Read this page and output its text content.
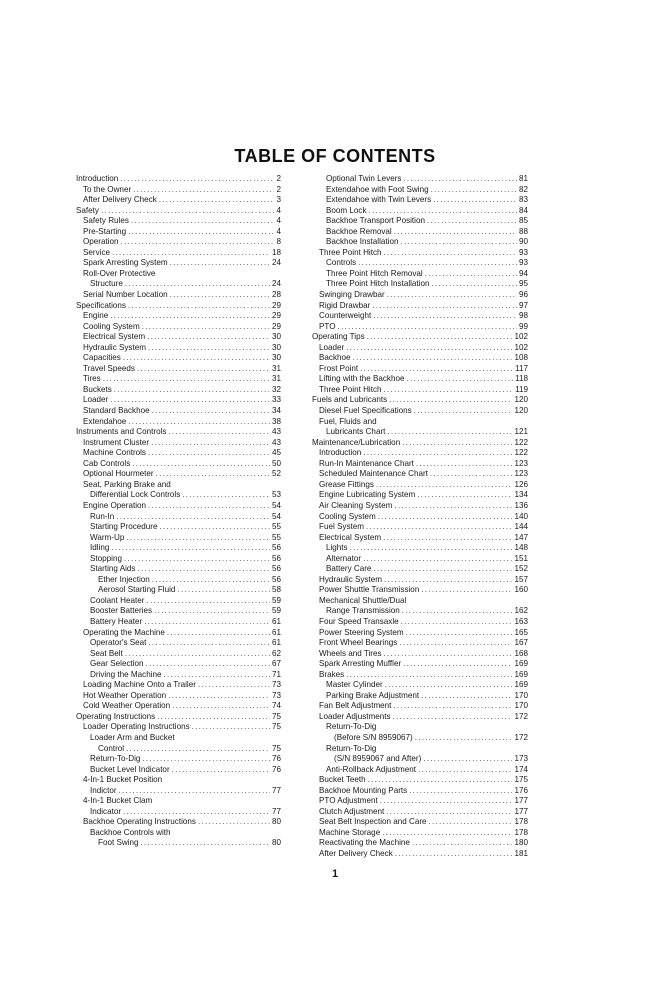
TABLE OF CONTENTS
Introduction . . .	2
To the Owner . . .	2
After Delivery Check . . .	3
Safety . . .	4
Safety Rules . . .	4
Pre-Starting . . .	4
Operation . . .	8
Service . . .	18
Spark Arresting System . . .	24
Roll-Over Protective
Structure . . .	24
Serial Number Location . . .	28
Specifications . . .	29
Engine . . .	29
Cooling System . . .	29
Electrical System . . .	30
Hydraulic System . . .	30
Capacities . . .	30
Travel Speeds . . .	31
Tires . . .	31
Buckets . . .	32
Loader . . .	33
Standard Backhoe . . .	34
Extendahoe . . .	38
Instruments and Controls . . .	43
Instrument Cluster . . .	43
Machine Controls . . .	45
Cab Controls . . .	50
Optional Hourmeter . . .	52
Seat, Parking Brake and
Differential Lock Controls . . .	53
Engine Operation . . .	54
Run-In . . .	54
Starting Procedure . . .	55
Warm-Up . . .	55
Idling . . .	56
Stopping . . .	56
Starting Aids . . .	56
Ether Injection . . .	56
Aerosol Starting Fluid . . .	58
Coolant Heater . . .	59
Booster Batteries . . .	59
Battery Heater . . .	61
Operating the Machine . . .	61
Operator's Seat . . .	61
Seat Belt . . .	62
Gear Selection . . .	67
Driving the Machine . . .	71
Loading Machine Onto a Trailer . . .	73
Hot Weather Operation . . .	73
Cold Weather Operation . . .	74
Operating Instructions . . .	75
Loader Operating Instructions . . .	75
Loader Arm and Bucket
Control . . .	75
Return-To-Dig . . .	76
Bucket Level Indicator . . .	76
4-In-1 Bucket Position
Indictor . . .	77
4-In-1 Bucket Clam
Indicator . . .	77
Backhoe Operating Instructions . . .	80
Backhoe Controls with
Foot Swing . . .	80
Optional Twin Levers . . .	81
Extendahoe with Foot Swing . . .	82
Extendahoe with Twin Levers . . .	83
Boom Lock . . .	84
Backhoe Transport Position . . .	85
Backhoe Removal . . .	88
Backhoe Installation . . .	90
Three Point Hitch . . .	93
Controls . . .	93
Three Point Hitch Removal . . .	94
Three Point Hitch Installation . . .	95
Swinging Drawbar . . .	96
Rigid Drawbar . . .	97
Counterweight . . .	98
PTO . . .	99
Operating Tips . . .	102
Loader . . .	102
Backhoe . . .	108
Frost Point . . .	117
Lifting with the Backhoe . . .	118
Three Point Hitch . . .	119
Fuels and Lubricants . . .	120
Diesel Fuel Specifications . . .	120
Fuel, Fluids and
Lubricants Chart . . .	121
Maintenance/Lubrication . . .	122
Introduction . . .	122
Run-In Maintenance Chart . . .	123
Scheduled Maintenance Chart . . .	123
Grease Fittings . . .	126
Engine Lubricating System . . .	134
Air Cleaning System . . .	136
Cooling System . . .	140
Fuel System . . .	144
Electrical System . . .	147
Lights . . .	148
Alternator . . .	151
Battery Care . . .	152
Hydraulic System . . .	157
Power Shuttle Transmission . . .	160
Mechanical Shuttle/Dual
Range Transmission . . .	162
Four Speed Transaxle . . .	163
Power Steering System . . .	165
Front Wheel Bearings . . .	167
Wheels and Tires . . .	168
Spark Arresting Muffler . . .	169
Brakes . . .	169
Master Cylinder . . .	169
Parking Brake Adjustment . . .	170
Fan Belt Adjustment . . .	170
Loader Adjustments . . .	172
Return-To-Dig
(Before S/N 8959067) . . .	172
Return-To-Dig
(S/N 8959067 and After) . . .	173
Anti-Rollback Adjustment . . .	174
Bucket Teeth . . .	175
Backhoe Mounting Parts . . .	176
PTO Adjustment . . .	177
Clutch Adjustment . . .	177
Seat Belt Inspection and Care . . .	178
Machine Storage . . .	178
Reactivating the Machine . . .	180
After Delivery Check . . .	181
1
